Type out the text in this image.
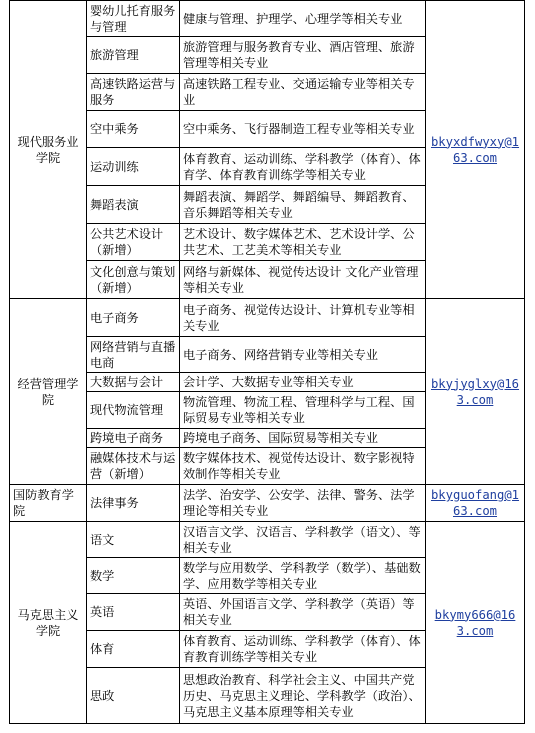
现代服务业学院	婴幼儿托育服务与管理	健康与管理、护理学、心理学等相关专业	bkyxdfwyxy@163.com
	旅游管理	旅游管理与服务教育专业、酒店管理、旅游管理等相关专业	
	高速铁路运营与服务	高速铁路工程专业、交通运输专业等相关专业	
	空中乘务	空中乘务、飞行器制造工程专业等相关专业	
	运动训练	体育教育、运动训练、学科教学（体育）、体育学、体育教育训练学等相关专业	
	舞蹈表演	舞蹈表演、舞蹈学、舞蹈编导、舞蹈教育、音乐舞蹈等相关专业	
	公共艺术设计（新增）	艺术设计、数字媒体艺术、艺术设计学、公共艺术、工艺美术等相关专业	
	文化创意与策划（新增）	网络与新媒体、视觉传达设计 文化产业管理等相关专业	
经营管理学院	电子商务	电子商务、视觉传达设计、计算机专业等相关专业	bkyjyglxy@163.com
	网络营销与直播电商	电子商务、网络营销专业等相关专业	
	大数据与会计	会计学、大数据专业等相关专业	
	现代物流管理	物流管理、物流工程、管理科学与工程、国际贸易专业等相关专业	
	跨境电子商务	跨境电子商务、国际贸易等相关专业	
	融媒体技术与运营（新增）	数字媒体技术、视觉传达设计、数字影视特效制作等相关专业	
国防教育学院	法律事务	法学、治安学、公安学、法律、警务、法学理论等相关专业	bkyguofang@163.com
马克思主义学院	语文	汉语言文学、汉语言、学科教学（语文）、等相关专业	bkymy666@163.com
	数学	数学与应用数学、学科教学（数学）、基础数学、应用数学等相关专业	
	英语	英语、外国语言文学、学科教学（英语）等相关专业	
	体育	体育教育、运动训练、学科教学（体育）、体育教育训练学等相关专业	
	思政	思想政治教育、科学社会主义、中国共产党历史、马克思主义理论、学科教学（政治）、马克思主义基本原理等相关专业	
